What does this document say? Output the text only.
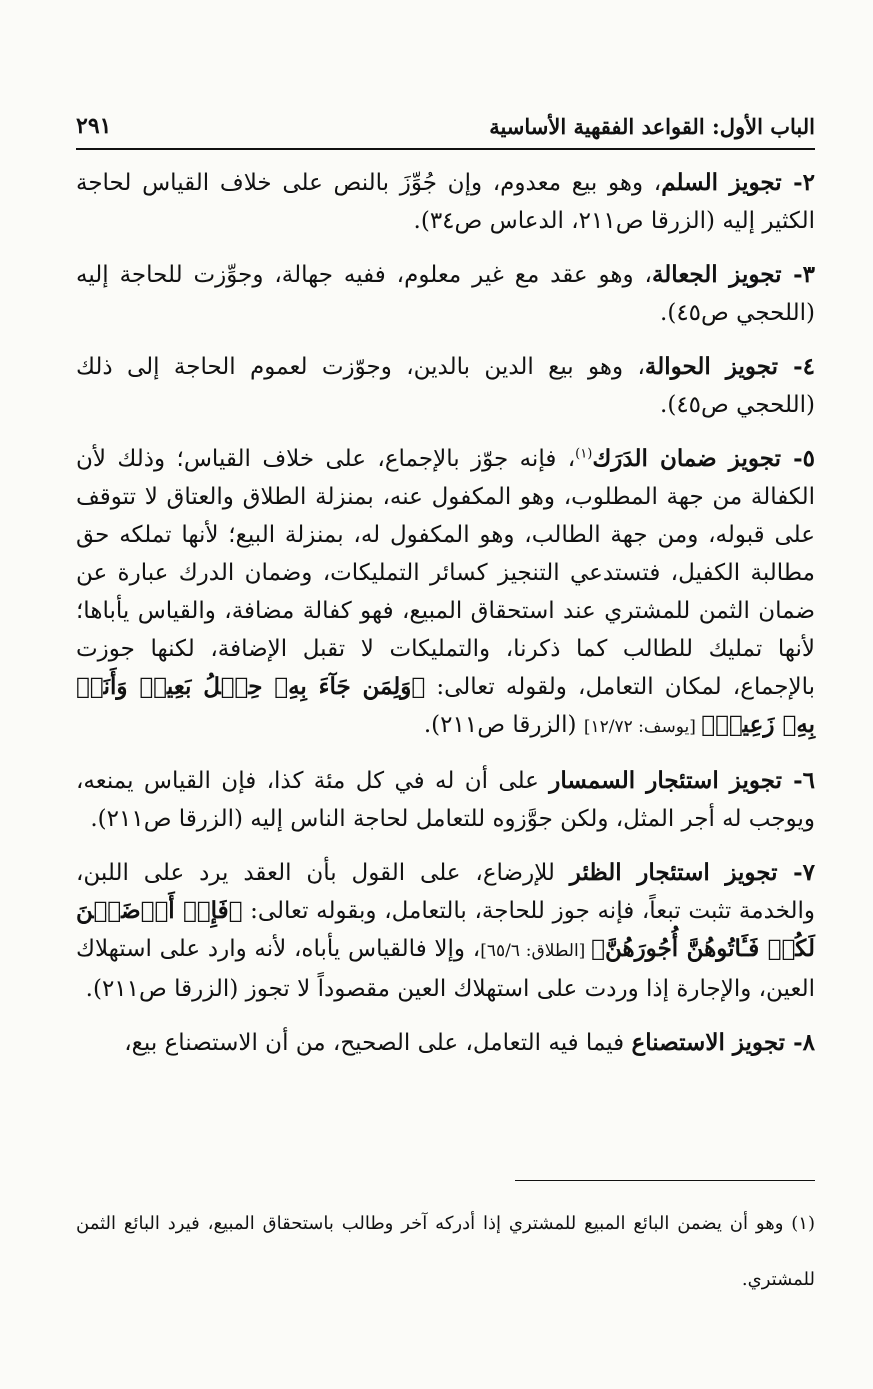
الباب الأول: القواعد الفقهية الأساسية
٢٩١

٢- تجويز السلم، وهو بيع معدوم، وإن جُوِّزَ بالنص على خلاف القياس لحاجة الكثير إليه (الزرقا ص٢١١، الدعاس ص٣٤).

٣- تجويز الجعالة، وهو عقد مع غير معلوم، ففيه جهالة، وجوِّزت للحاجة إليه (اللحجي ص٤٥).

٤- تجويز الحوالة، وهو بيع الدين بالدين، وجوّزت لعموم الحاجة إلى ذلك (اللحجي ص٤٥).

٥- تجويز ضمان الدَرَك$^{(١)}$، فإنه جوّز بالإجماع، على خلاف القياس؛ وذلك لأن الكفالة من جهة المطلوب، وهو المكفول عنه، بمنزلة الطلاق والعتاق لا تتوقف على قبوله، ومن جهة الطالب، وهو المكفول له، بمنزلة البيع؛ لأنها تملكه حق مطالبة الكفيل، فتستدعي التنجيز كسائر التمليكات، وضمان الدرك عبارة عن ضمان الثمن للمشتري عند استحقاق المبيع، فهو كفالة مضافة، والقياس يأباها؛ لأنها تمليك للطالب كما ذكرنا، والتمليكات لا تقبل الإضافة، لكنها جوزت بالإجماع، لمكان التعامل، ولقوله تعالى: ﴿وَلِمَن جَآءَ بِهِۦ حِمۡلُ بَعِيرٖ وَأَنَا۠ بِهِۦ زَعِيمٞ﴾ [يوسف: ١٢/٧٢] (الزرقا ص٢١١).

٦- تجويز استئجار السمسار على أن له في كل مئة كذا، فإن القياس يمنعه، ويوجب له أجر المثل، ولكن جوَّزوه للتعامل لحاجة الناس إليه (الزرقا ص٢١١).

٧- تجويز استئجار الظئر للإرضاع، على القول بأن العقد يرد على اللبن، والخدمة تثبت تبعاً، فإنه جوز للحاجة، بالتعامل، وبقوله تعالى: ﴿فَإِنۡ أَرۡضَعۡنَ لَكُمۡ فَـَٔاتُوهُنَّ أُجُورَهُنَّ﴾ [الطلاق: ٦٥/٦]، وإلا فالقياس يأباه، لأنه وارد على استهلاك العين، والإجارة إذا وردت على استهلاك العين مقصوداً لا تجوز (الزرقا ص٢١١).

٨- تجويز الاستصناع فيما فيه التعامل، على الصحيح، من أن الاستصناع بيع،

(١) وهو أن يضمن البائع المبيع للمشتري إذا أدركه آخر وطالب باستحقاق المبيع، فيرد البائع الثمن للمشتري.
